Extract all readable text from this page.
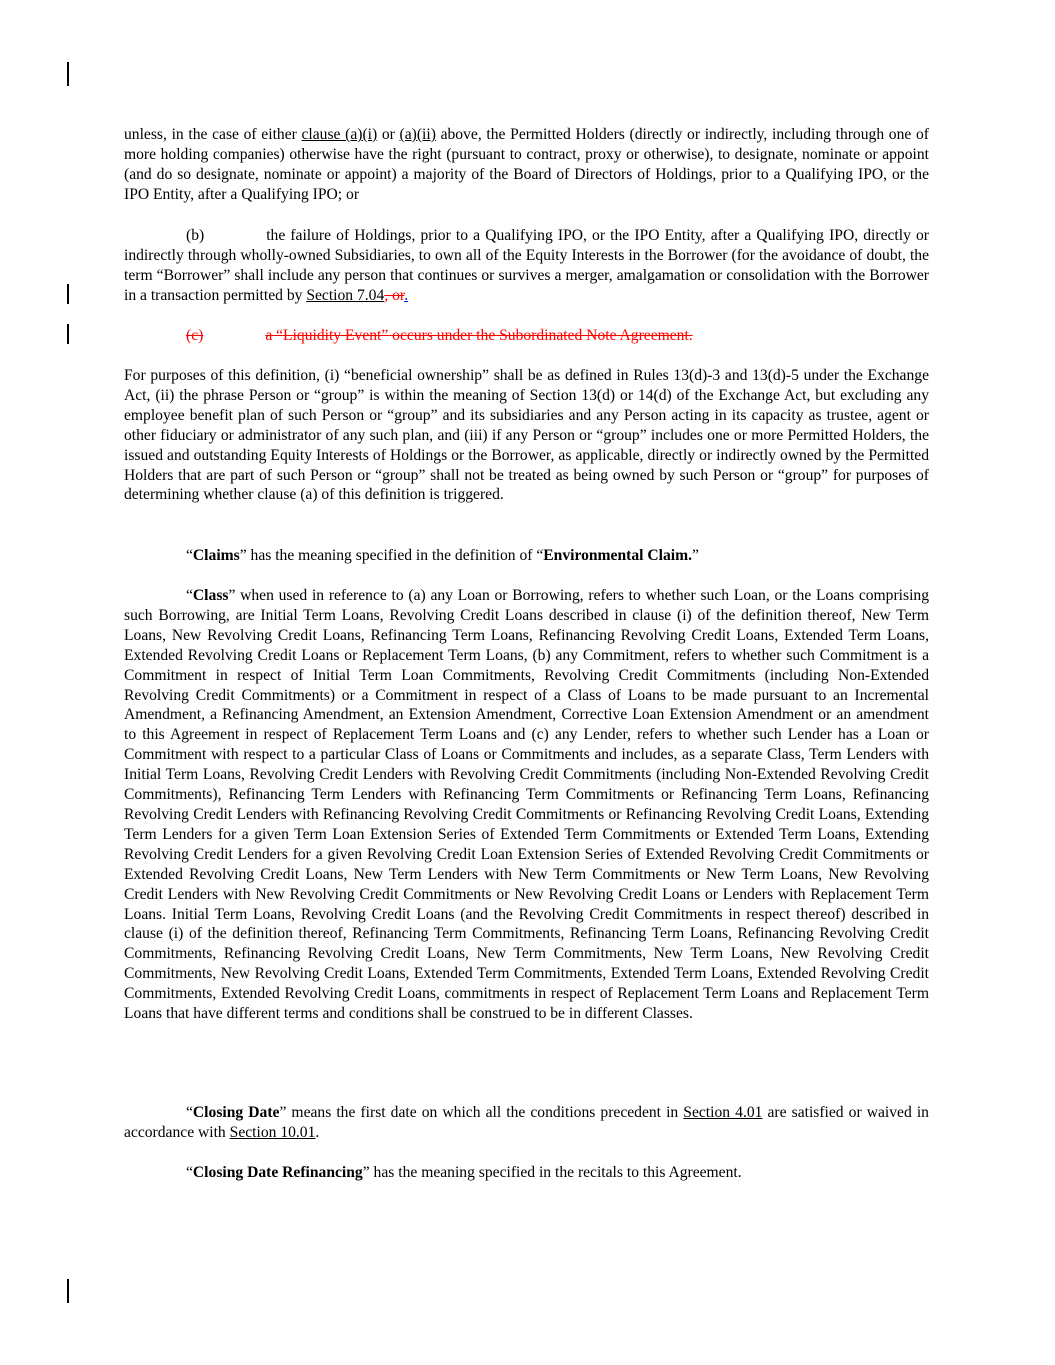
unless, in the case of either clause (a)(i) or (a)(ii) above, the Permitted Holders (directly or indirectly, including through one of more holding companies) otherwise have the right (pursuant to contract, proxy or otherwise), to designate, nominate or appoint (and do so designate, nominate or appoint) a majority of the Board of Directors of Holdings, prior to a Qualifying IPO, or the IPO Entity, after a Qualifying IPO; or

(b)	the failure of Holdings, prior to a Qualifying IPO, or the IPO Entity, after a Qualifying IPO, directly or indirectly through wholly-owned Subsidiaries, to own all of the Equity Interests in the Borrower (for the avoidance of doubt, the term “Borrower” shall include any person that continues or survives a merger, amalgamation or consolidation with the Borrower in a transaction permitted by Section 7.04, or.

(c)	a “Liquidity Event” occurs under the Subordinated Note Agreement.

For purposes of this definition, (i) “beneficial ownership” shall be as defined in Rules 13(d)-3 and 13(d)-5 under the Exchange Act, (ii) the phrase Person or “group” is within the meaning of Section 13(d) or 14(d) of the Exchange Act, but excluding any employee benefit plan of such Person or “group” and its subsidiaries and any Person acting in its capacity as trustee, agent or other fiduciary or administrator of any such plan, and (iii) if any Person or “group” includes one or more Permitted Holders, the issued and outstanding Equity Interests of Holdings or the Borrower, as applicable, directly or indirectly owned by the Permitted Holders that are part of such Person or “group” shall not be treated as being owned by such Person or “group” for purposes of determining whether clause (a) of this definition is triggered.

“Claims” has the meaning specified in the definition of “Environmental Claim.”

“Class” when used in reference to (a) any Loan or Borrowing, refers to whether such Loan, or the Loans comprising such Borrowing, are Initial Term Loans, Revolving Credit Loans described in clause (i) of the definition thereof, New Term Loans, New Revolving Credit Loans, Refinancing Term Loans, Refinancing Revolving Credit Loans, Extended Term Loans, Extended Revolving Credit Loans or Replacement Term Loans, (b) any Commitment, refers to whether such Commitment is a Commitment in respect of Initial Term Loan Commitments, Revolving Credit Commitments (including Non-Extended Revolving Credit Commitments) or a Commitment in respect of a Class of Loans to be made pursuant to an Incremental Amendment, a Refinancing Amendment, an Extension Amendment, Corrective Loan Extension Amendment or an amendment to this Agreement in respect of Replacement Term Loans and (c) any Lender, refers to whether such Lender has a Loan or Commitment with respect to a particular Class of Loans or Commitments and includes, as a separate Class, Term Lenders with Initial Term Loans, Revolving Credit Lenders with Revolving Credit Commitments (including Non-Extended Revolving Credit Commitments), Refinancing Term Lenders with Refinancing Term Commitments or Refinancing Term Loans, Refinancing Revolving Credit Lenders with Refinancing Revolving Credit Commitments or Refinancing Revolving Credit Loans, Extending Term Lenders for a given Term Loan Extension Series of Extended Term Commitments or Extended Term Loans, Extending Revolving Credit Lenders for a given Revolving Credit Loan Extension Series of Extended Revolving Credit Commitments or Extended Revolving Credit Loans, New Term Lenders with New Term Commitments or New Term Loans, New Revolving Credit Lenders with New Revolving Credit Commitments or New Revolving Credit Loans or Lenders with Replacement Term Loans. Initial Term Loans, Revolving Credit Loans (and the Revolving Credit Commitments in respect thereof) described in clause (i) of the definition thereof, Refinancing Term Commitments, Refinancing Term Loans, Refinancing Revolving Credit Commitments, Refinancing Revolving Credit Loans, New Term Commitments, New Term Loans, New Revolving Credit Commitments, New Revolving Credit Loans, Extended Term Commitments, Extended Term Loans, Extended Revolving Credit Commitments, Extended Revolving Credit Loans, commitments in respect of Replacement Term Loans and Replacement Term Loans that have different terms and conditions shall be construed to be in different Classes.

“Closing Date” means the first date on which all the conditions precedent in Section 4.01 are satisfied or waived in accordance with Section 10.01.

“Closing Date Refinancing” has the meaning specified in the recitals to this Agreement.
